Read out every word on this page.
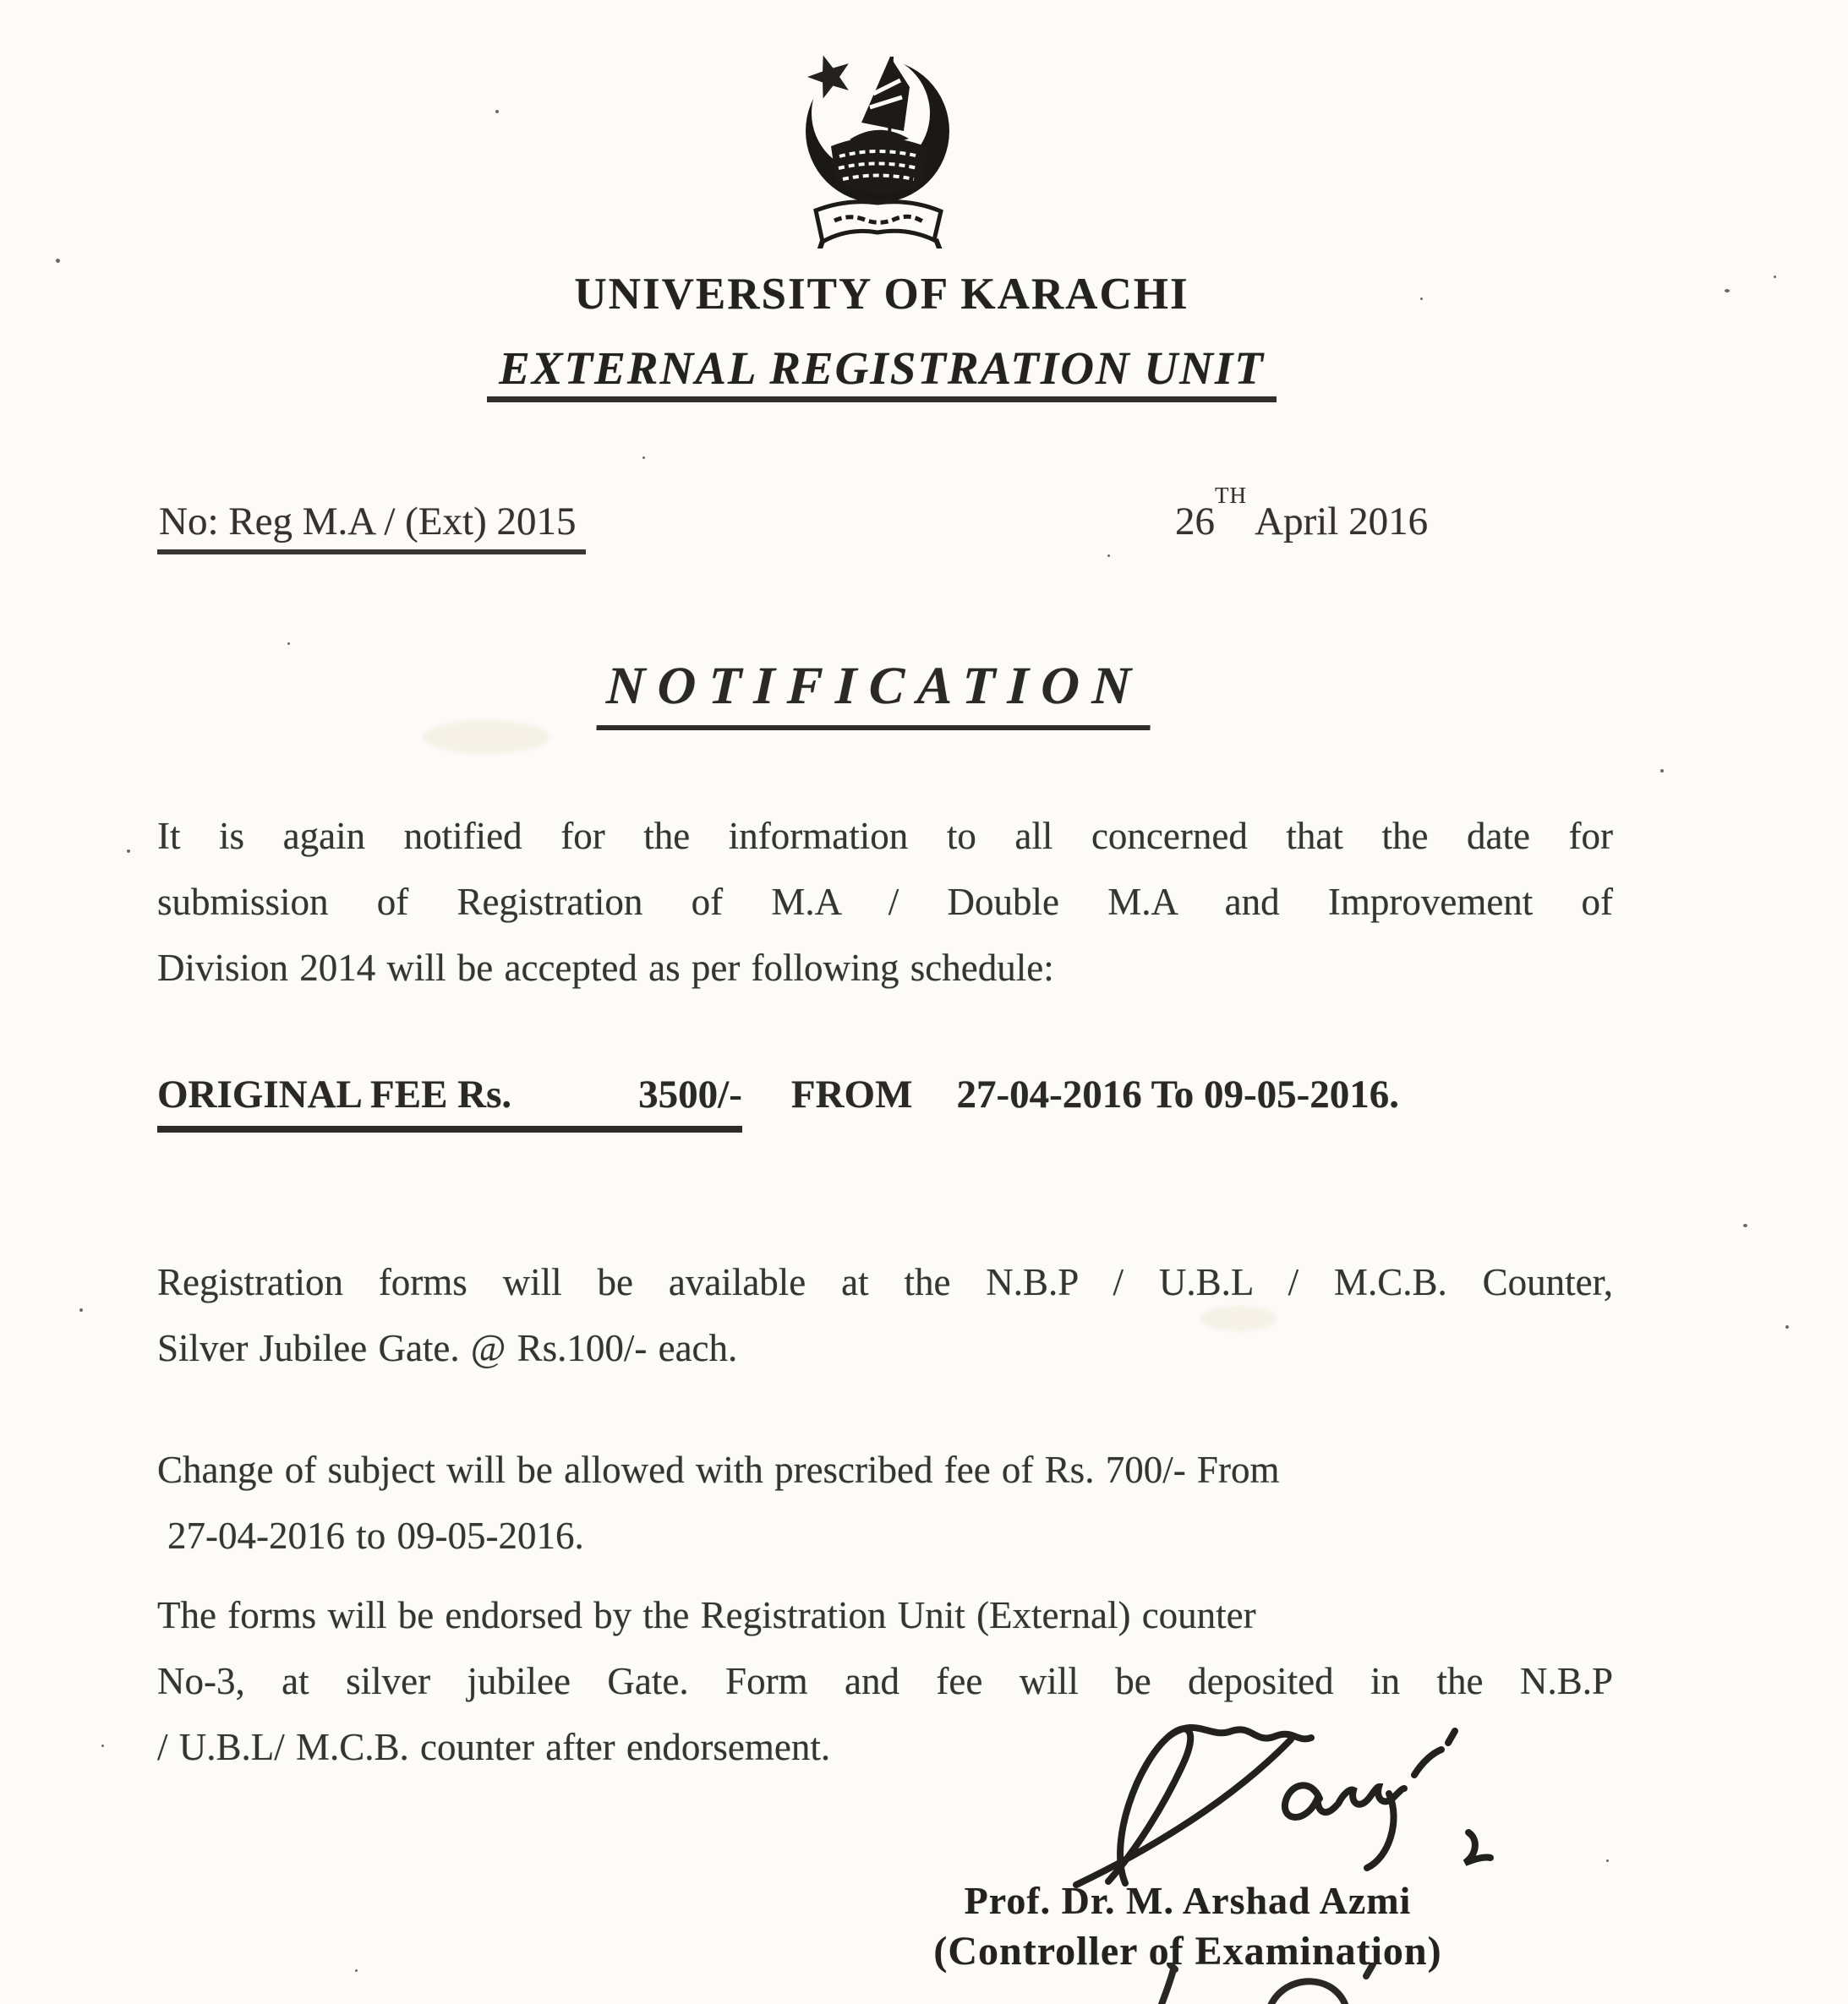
UNIVERSITY OF KARACHI

EXTERNAL REGISTRATION UNIT
No: Reg M.A / (Ext) 2015	26TH April 2016
NOTIFICATION
It is again notified for the information to all concerned that the date for
submission of Registration of M.A / Double M.A and Improvement of
Division 2014 will be accepted as per following schedule:
ORIGINAL FEE Rs.	3500/- FROM 27-04-2016 To 09-05-2016.
Registration forms will be available at the N.B.P / U.B.L / M.C.B. Counter,
Silver Jubilee Gate. @ Rs.100/- each.
Change of subject will be allowed with prescribed fee of Rs. 700/- From
27-04-2016 to 09-05-2016.
The forms will be endorsed by the Registration Unit (External) counter
No-3, at silver jubilee Gate. Form and fee will be deposited in the N.B.P
/ U.B.L/ M.C.B. counter after endorsement.
Prof. Dr. M. Arshad Azmi
(Controller of Examination)
